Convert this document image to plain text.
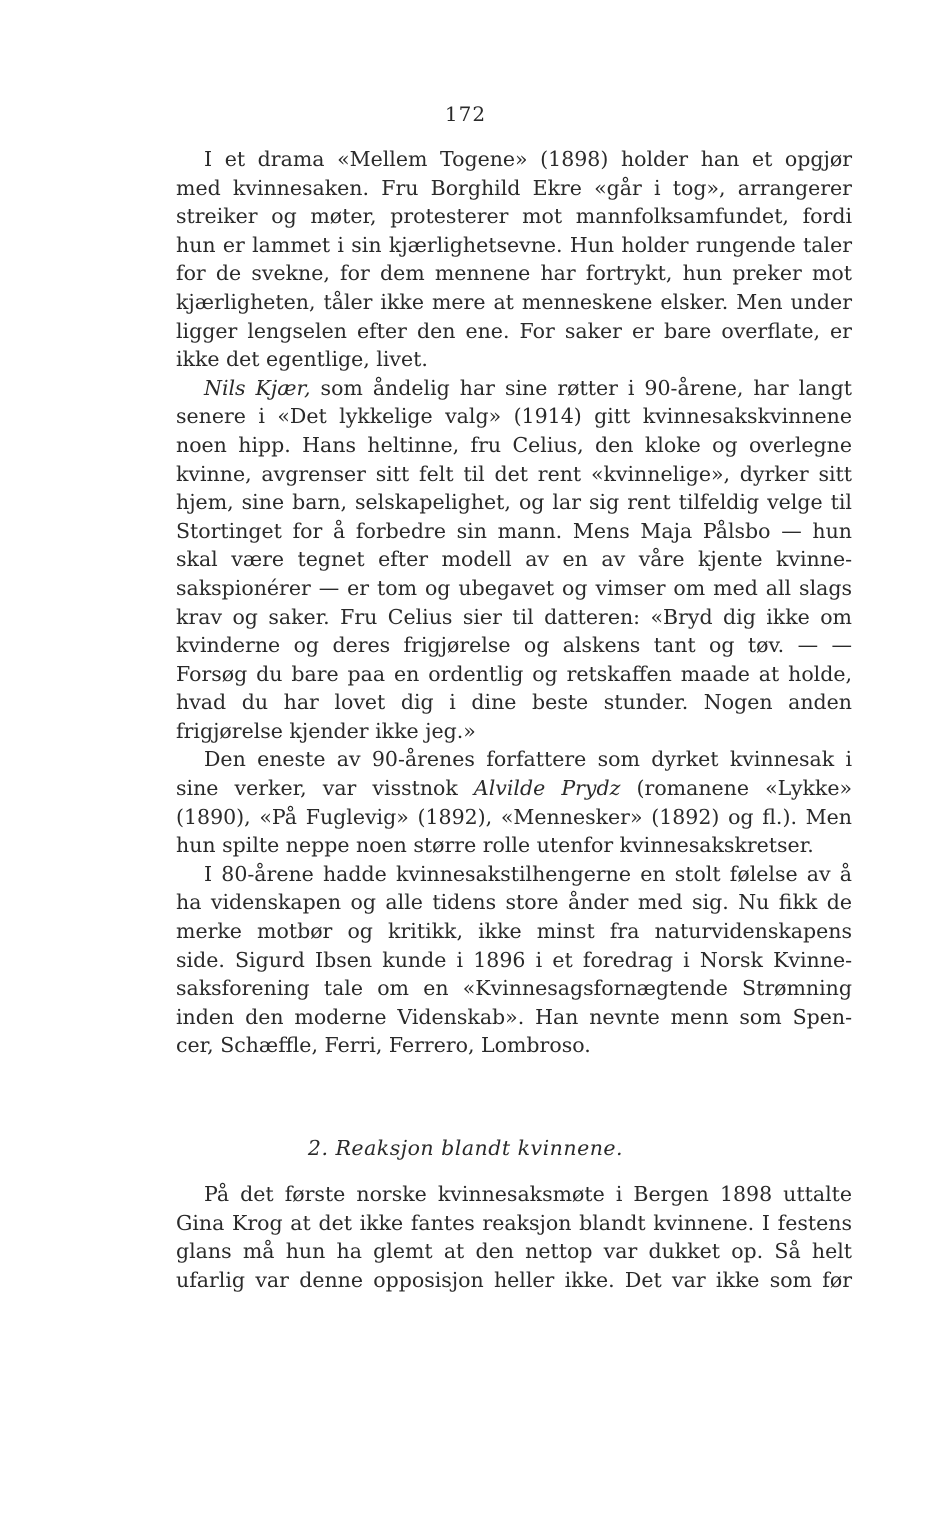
172
I et drama «Mellem Togene» (1898) holder han et opgjør
med kvinnesaken. Fru Borghild Ekre «går i tog», arrangerer
streiker og møter, protesterer mot mannfolksamfundet, fordi
hun er lammet i sin kjærlighetsevne. Hun holder rungende taler
for de svekne, for dem mennene har fortrykt, hun preker mot
kjærligheten, tåler ikke mere at menneskene elsker. Men under
ligger lengselen efter den ene. For saker er bare overflate, er
ikke det egentlige, livet.
Nils Kjær, som åndelig har sine røtter i 90-årene, har langt
senere i «Det lykkelige valg» (1914) gitt kvinnesakskvinnene
noen hipp. Hans heltinne, fru Celius, den kloke og overlegne
kvinne, avgrenser sitt felt til det rent «kvinnelige», dyrker sitt
hjem, sine barn, selskapelighet, og lar sig rent tilfeldig velge til
Stortinget for å forbedre sin mann. Mens Maja Pålsbo — hun
skal være tegnet efter modell av en av våre kjente kvinne-
sakspionérer — er tom og ubegavet og vimser om med all slags
krav og saker. Fru Celius sier til datteren: «Bryd dig ikke om
kvinderne og deres frigjørelse og alskens tant og tøv. — —
Forsøg du bare paa en ordentlig og retskaffen maade at holde,
hvad du har lovet dig i dine beste stunder. Nogen anden
frigjørelse kjender ikke jeg.»
Den eneste av 90-årenes forfattere som dyrket kvinnesak i
sine verker, var visstnok Alvilde Prydz (romanene «Lykke»
(1890), «På Fuglevig» (1892), «Mennesker» (1892) og fl.). Men
hun spilte neppe noen større rolle utenfor kvinnesakskretser.
I 80-årene hadde kvinnesakstilhengerne en stolt følelse av å
ha videnskapen og alle tidens store ånder med sig. Nu fikk de
merke motbør og kritikk, ikke minst fra naturvidenskapens
side. Sigurd Ibsen kunde i 1896 i et foredrag i Norsk Kvinne-
saksforening tale om en «Kvinnesagsfornægtende Strømning
inden den moderne Videnskab». Han nevnte menn som Spen-
cer, Schæffle, Ferri, Ferrero, Lombroso.
2. Reaksjon blandt kvinnene.
På det første norske kvinnesaksmøte i Bergen 1898 uttalte
Gina Krog at det ikke fantes reaksjon blandt kvinnene. I festens
glans må hun ha glemt at den nettop var dukket op. Så helt
ufarlig var denne opposisjon heller ikke. Det var ikke som før
